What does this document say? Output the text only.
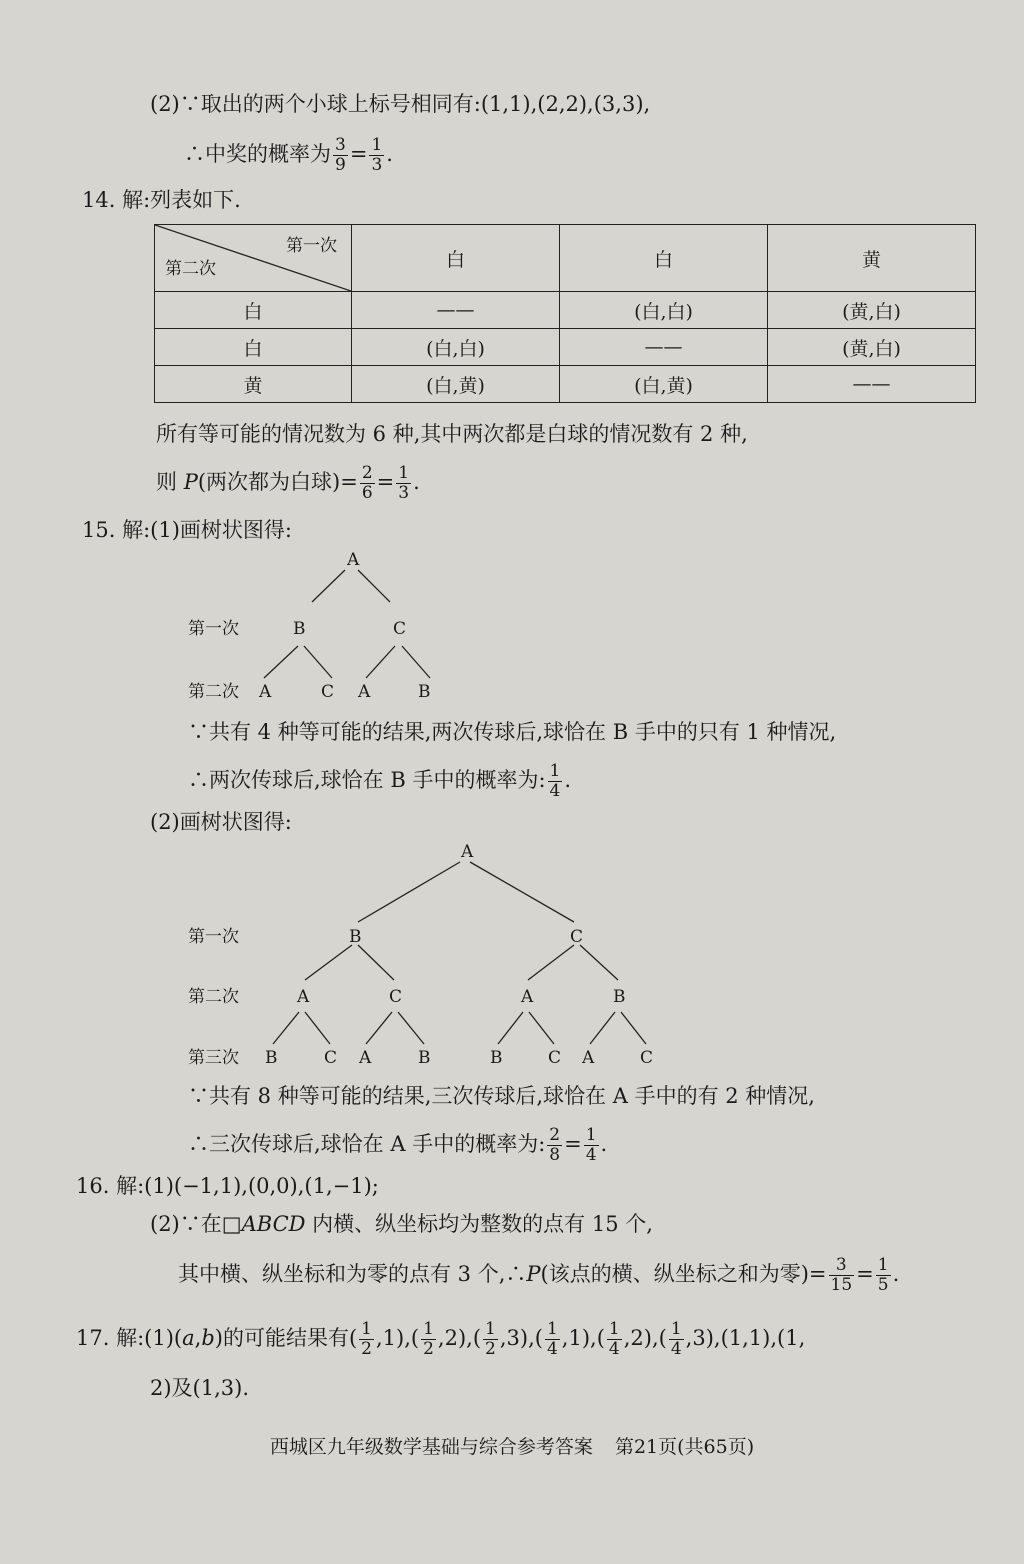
(2)∵取出的两个小球上标号相同有:(1,1),(2,2),(3,3),
∴中奖的概率为 $\frac{3}{9} = \frac{1}{3}$ .
14. 解:列表如下.
第一次
第二次	白	白	黄
白	——	(白,白)	(黄,白)
白	(白,白)	——	(黄,白)
黄	(白,黄)	(白,黄)	——
所有等可能的情况数为 6 种,其中两次都是白球的情况数有 2 种,
则 P(两次都为白球)= $\frac{2}{6} = \frac{1}{3}$ .
15. 解:(1)画树状图得:
A
第一次	B	C
第二次 A	C A	B
A
第一次	B	C
第二次	A	C	A	B
第三次 B	C A	B	B	C A	C
∵共有 4 种等可能的结果,两次传球后,球恰在 B 手中的只有 1 种情况,
∴两次传球后,球恰在 B 手中的概率为: $\frac{1}{4}$ .
(2)画树状图得:
∵共有 8 种等可能的结果,三次传球后,球恰在 A 手中的有 2 种情况,
∴三次传球后,球恰在 A 手中的概率为: $\frac{2}{8} = \frac{1}{4}$ .
16. 解:(1)(−1,1),(0,0),(1,−1);
(2)∵在□ABCD 内横、纵坐标均为整数的点有 15 个,
其中横、纵坐标和为零的点有 3 个,∴P(该点的横、纵坐标之和为零)= $\frac{3}{15} = \frac{1}{5}$ .
17. 解:(1)(a,b)的可能结果有( $\frac{1}{2} ,1),( \frac{1}{2} ,2),( \frac{1}{2} ,3),( \frac{1}{4} ,1),( \frac{1}{4} ,2),( \frac{1}{4} ,3),(1,1),(1$,
2)及(1,3).
西城区九年级数学基础与综合参考答案 第21页(共65页)
